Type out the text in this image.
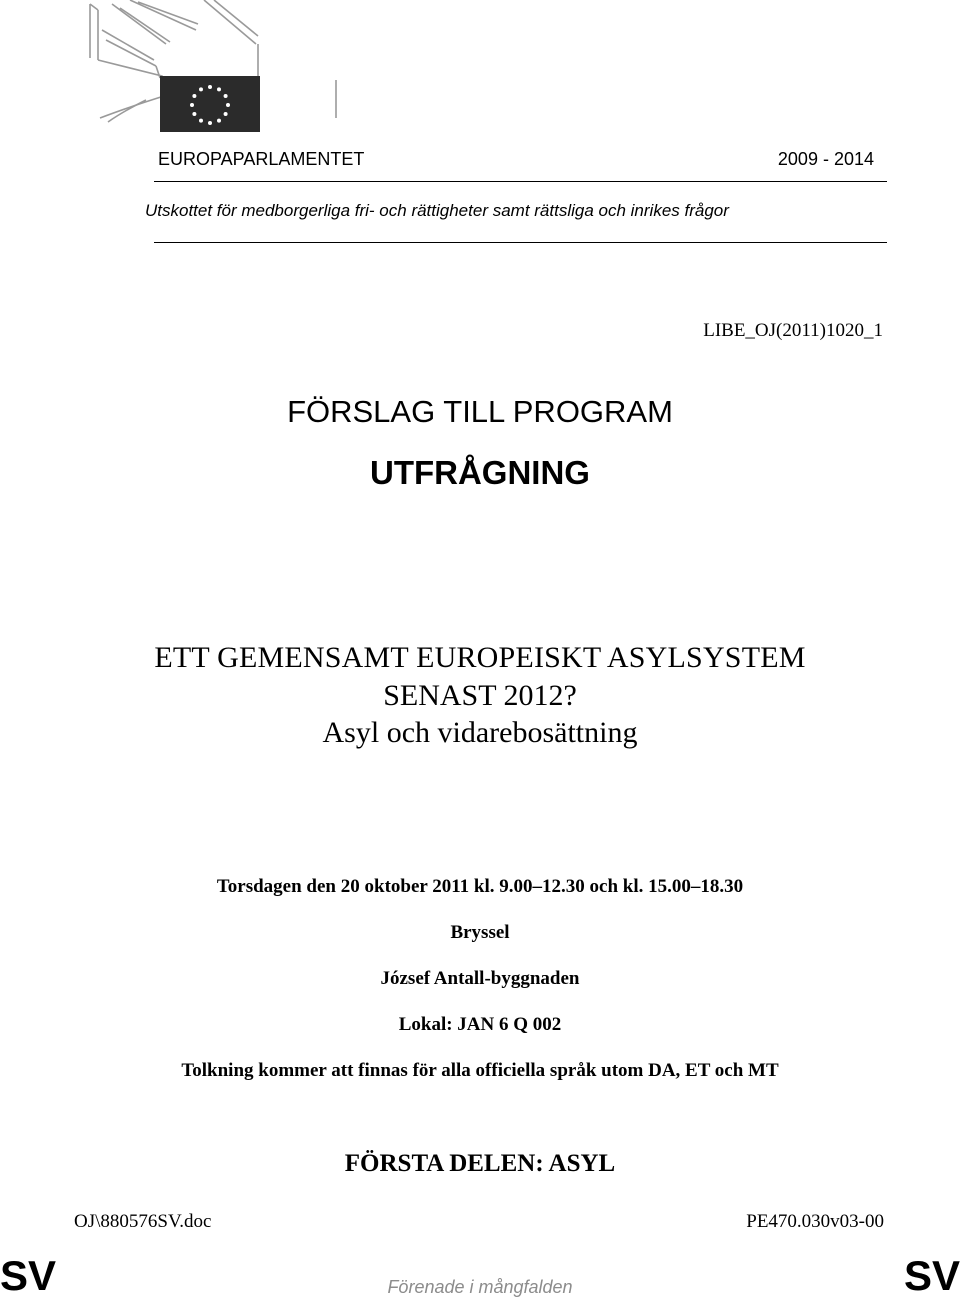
EUROPAPARLAMENTET	2009 - 2014
Utskottet för medborgerliga fri- och rättigheter samt rättsliga och inrikes frågor
LIBE_OJ(2011)1020_1
FÖRSLAG TILL PROGRAM
UTFRÅGNING
ETT GEMENSAMT EUROPEISKT ASYLSYSTEM
SENAST 2012?
Asyl och vidarebosättning
Torsdagen den 20 oktober 2011 kl. 9.00–12.30 och kl. 15.00–18.30
Bryssel
József Antall-byggnaden
Lokal: JAN 6 Q 002
Tolkning kommer att finnas för alla officiella språk utom DA, ET och MT
FÖRSTA DELEN: ASYL
OJ\880576SV.doc	PE470.030v03-00
SV	Förenade i mångfalden	SV
